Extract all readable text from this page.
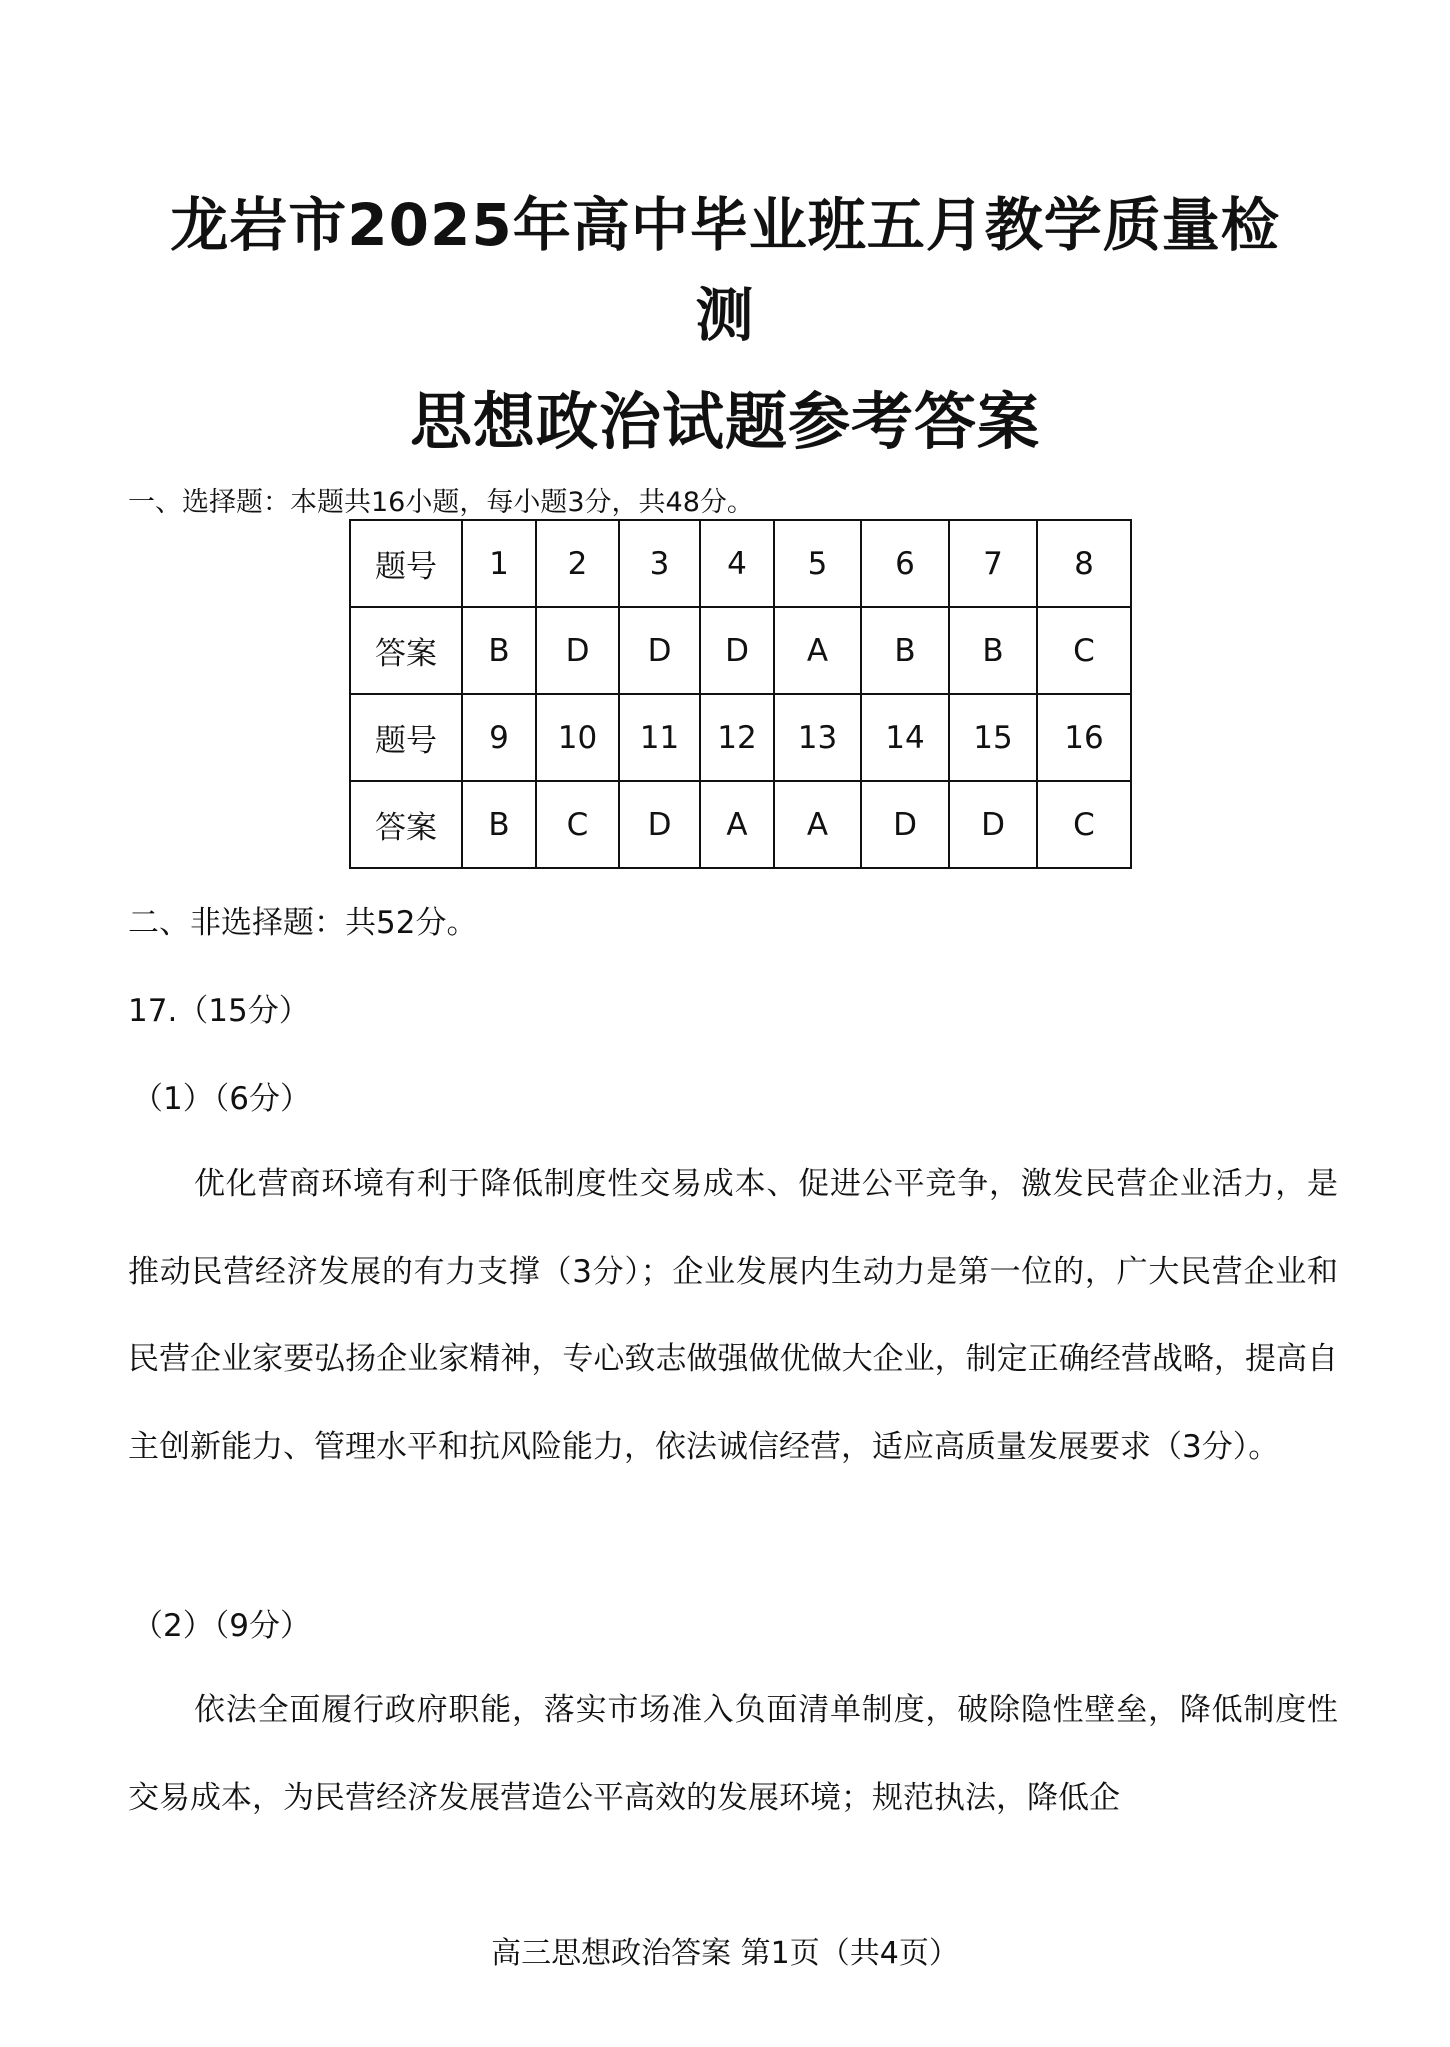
龙岩市2025年高中毕业班五月教学质量检
测
思想政治试题参考答案
一、选择题：本题共16小题，每小题3分，共48分。
题号	1	2	3	4	5	6	7	8
答案	B	D	D	D	A	B	B	C
题号	9	10	11	12	13	14	15	16
答案	B	C	D	A	A	D	D	C
二、非选择题：共52分。
17.（15分）
（1）（6分）
优化营商环境有利于降低制度性交易成本、促进公平竞争，激发民营企业活力，是推动民营经济发展的有力支撑（3分）；企业发展内生动力是第一位的，广大民营企业和民营企业家要弘扬企业家精神，专心致志做强做优做大企业，制定正确经营战略，提高自主创新能力、管理水平和抗风险能力，依法诚信经营，适应高质量发展要求（3分）。
（2）（9分）
依法全面履行政府职能，落实市场准入负面清单制度，破除隐性壁垒，降低制度性交易成本，为民营经济发展营造公平高效的发展环境；规范执法，降低企
高三思想政治答案 第1页（共4页）
